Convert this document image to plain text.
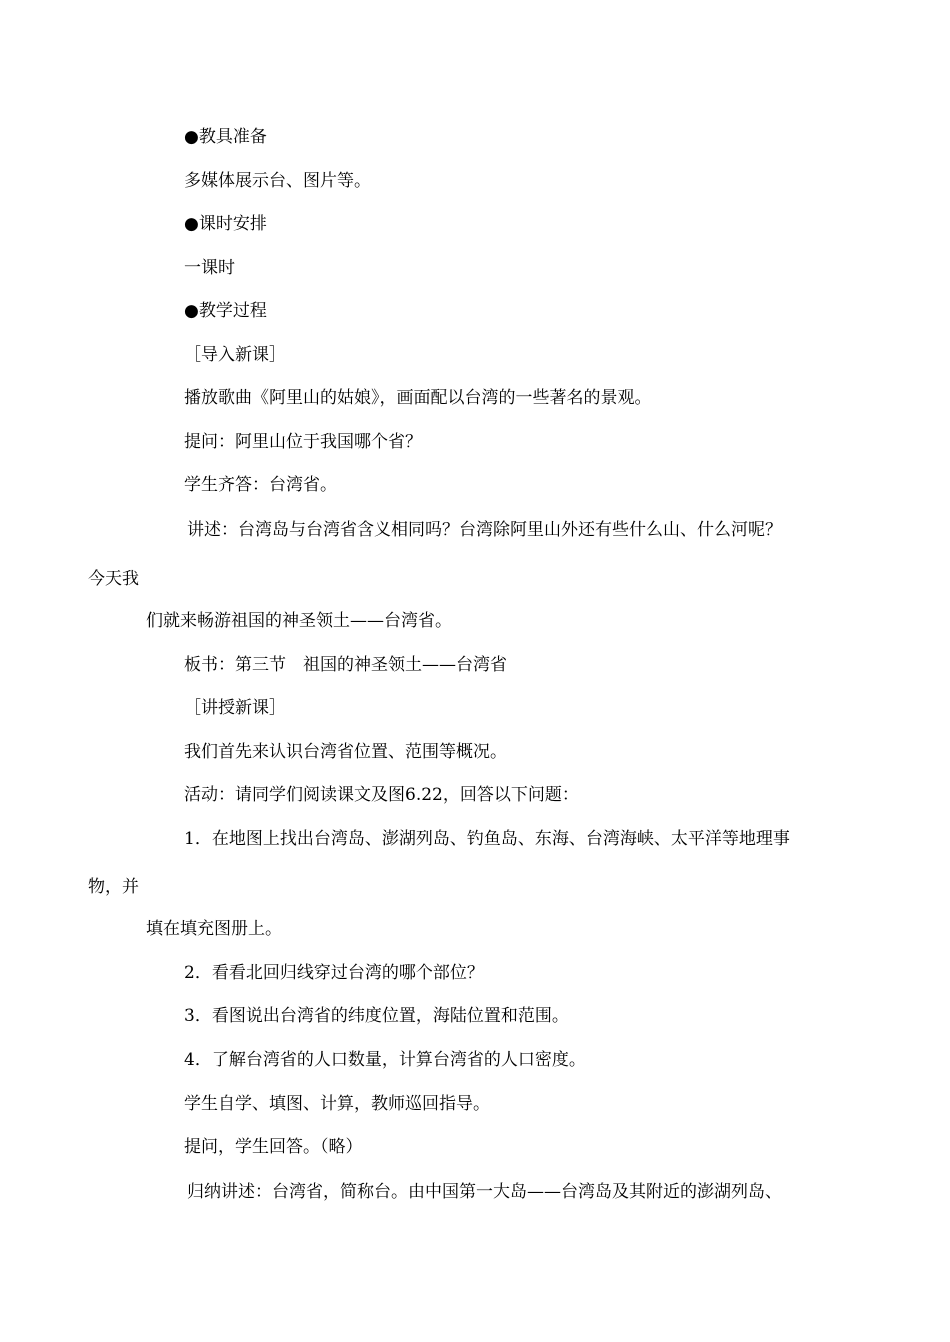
●教具准备
多媒体展示台、图片等。
●课时安排
一课时
●教学过程
［导入新课］
播放歌曲《阿里山的姑娘》，画面配以台湾的一些著名的景观。
提问：阿里山位于我国哪个省？
学生齐答：台湾省。
讲述：台湾岛与台湾省含义相同吗？台湾除阿里山外还有些什么山、什么河呢？
今天我
们就来畅游祖国的神圣领土——台湾省。
板书：第三节　祖国的神圣领土——台湾省
［讲授新课］
我们首先来认识台湾省位置、范围等概况。
活动：请同学们阅读课文及图6.22，回答以下问题：
1．在地图上找出台湾岛、澎湖列岛、钓鱼岛、东海、台湾海峡、太平洋等地理事
物，并
填在填充图册上。
2．看看北回归线穿过台湾的哪个部位？
3．看图说出台湾省的纬度位置，海陆位置和范围。
4．了解台湾省的人口数量，计算台湾省的人口密度。
学生自学、填图、计算，教师巡回指导。
提问，学生回答。（略）
归纳讲述：台湾省，简称台。由中国第一大岛——台湾岛及其附近的澎湖列岛、
